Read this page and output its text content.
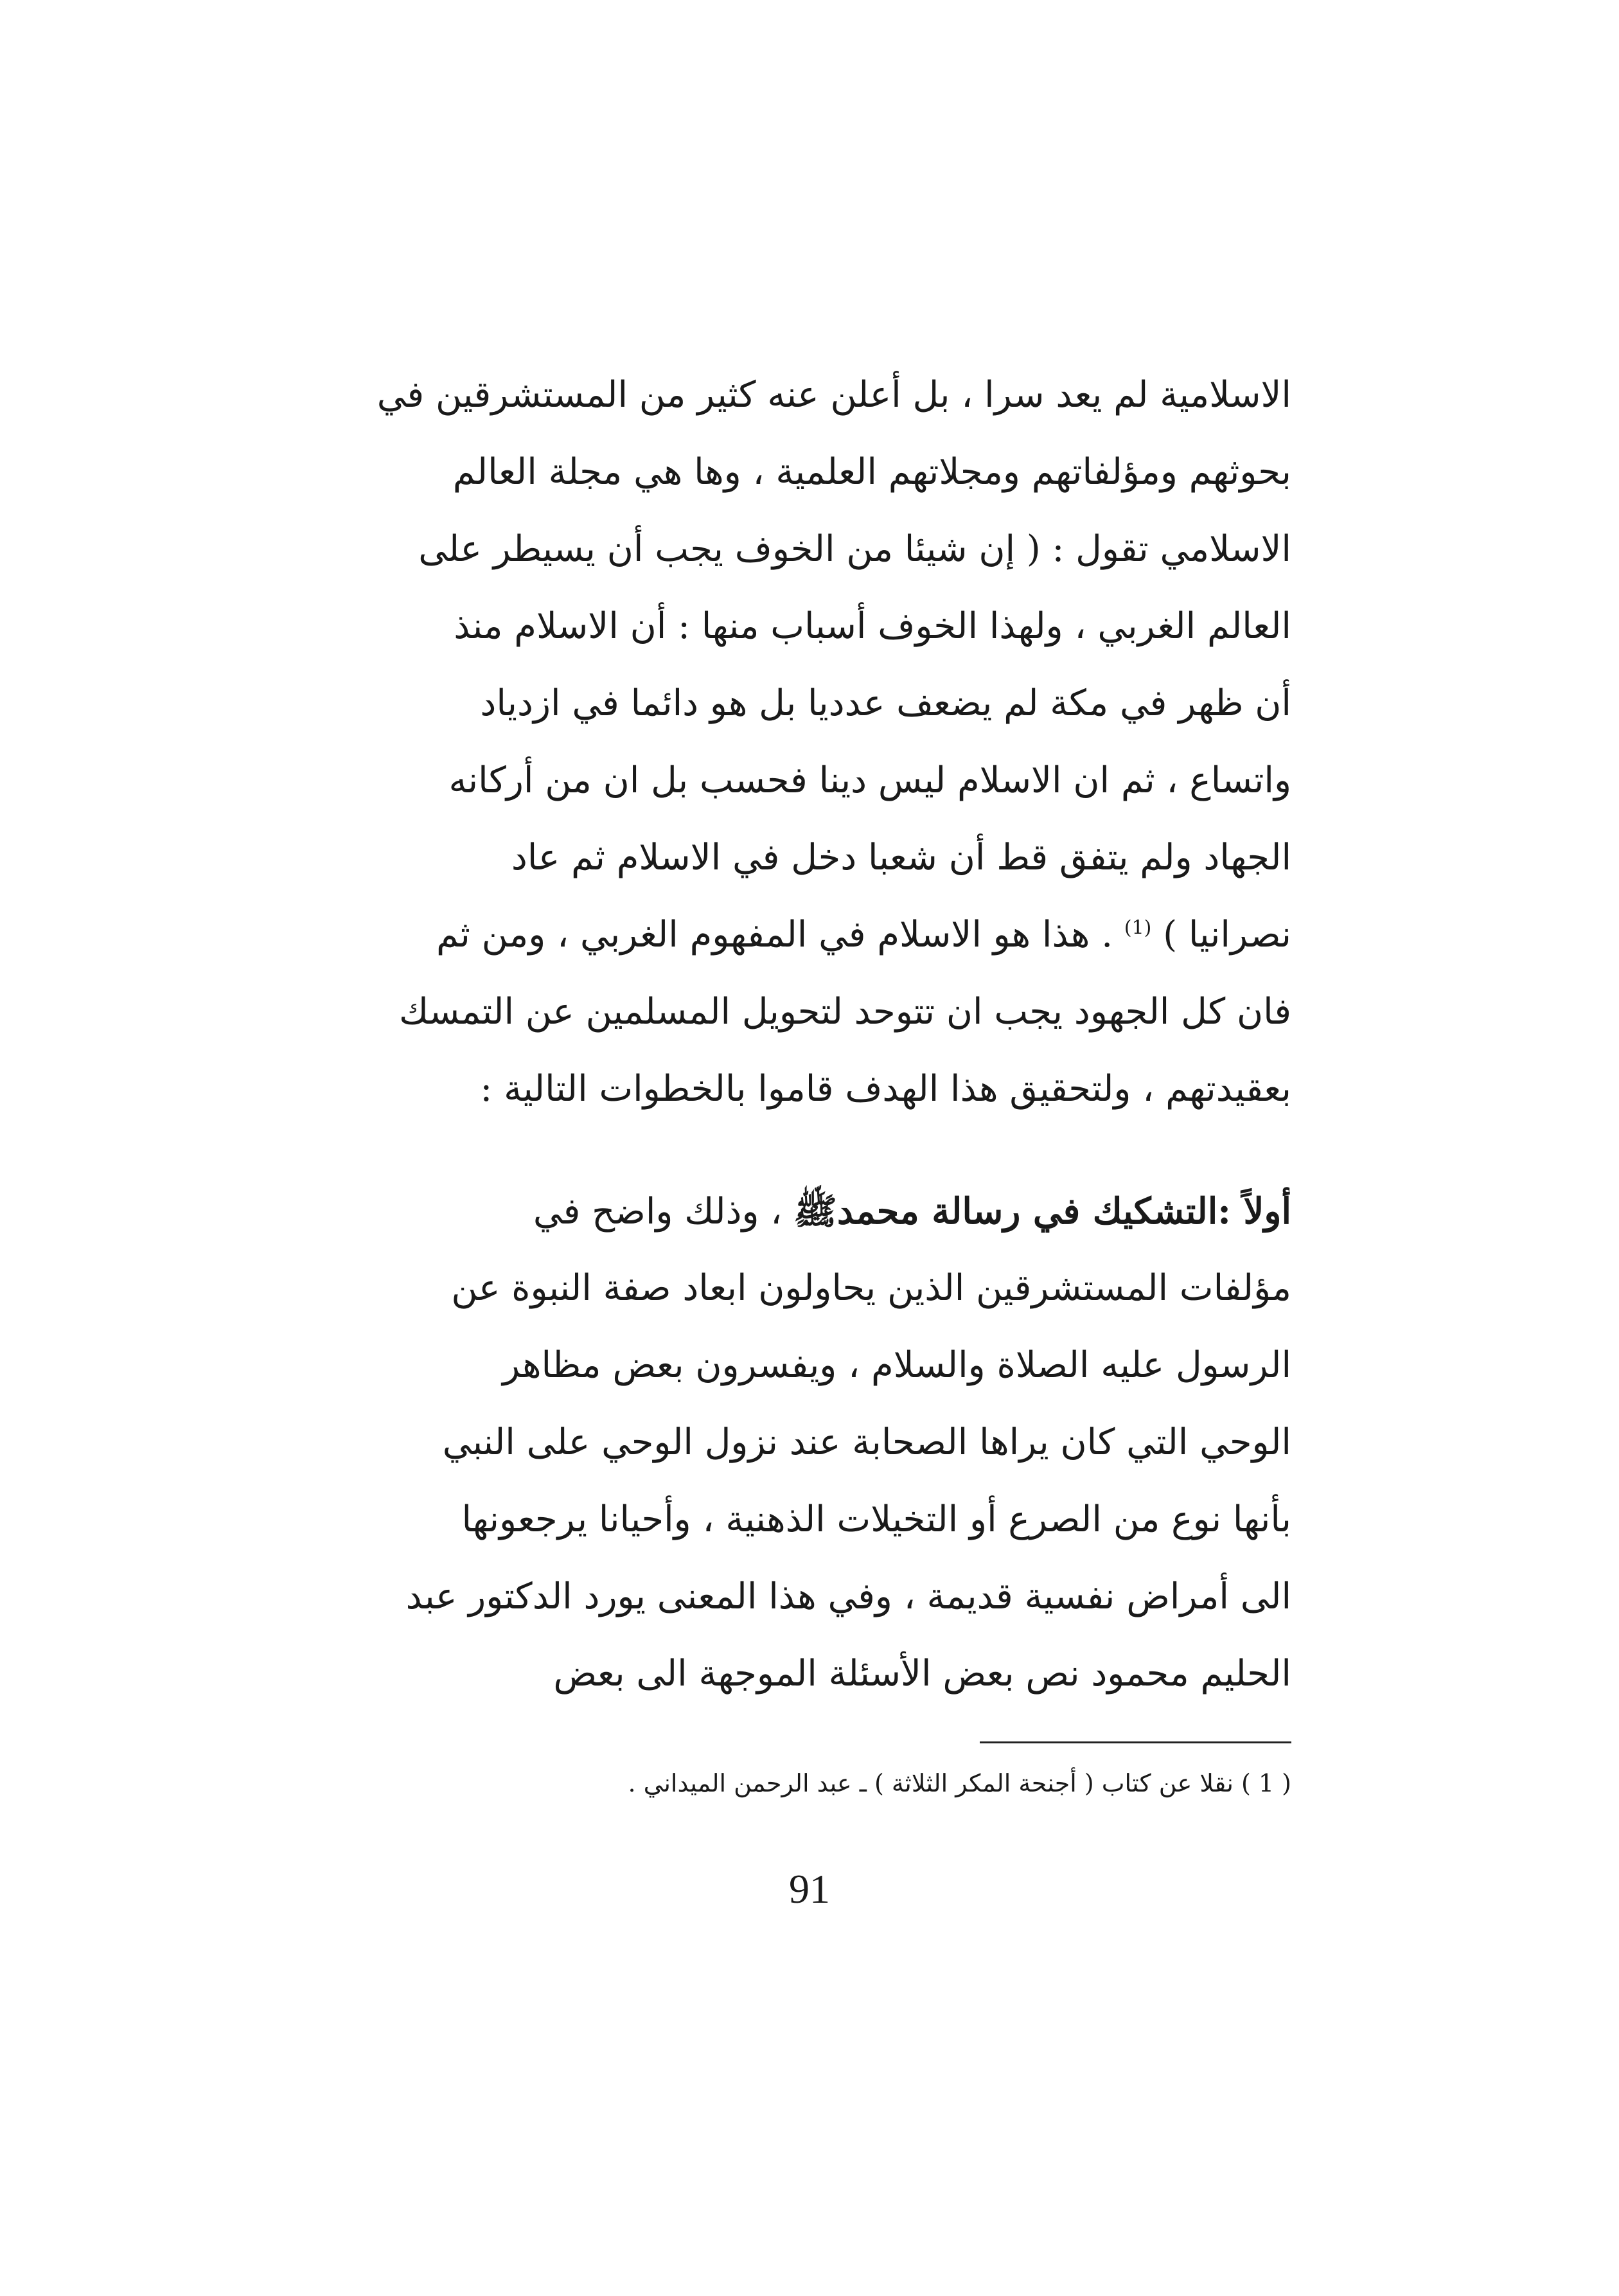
الاسلامية لم يعد سرا ، بل أعلن عنه كثير من المستشرقين في
بحوثهم ومؤلفاتهم ومجلاتهم العلمية ، وها هي مجلة العالم
الاسلامي تقول : ( إن شيئا من الخوف يجب أن يسيطر على
العالم الغربي ، ولهذا الخوف أسباب منها : أن الاسلام منذ
أن ظهر في مكة لم يضعف عدديا بل هو دائما في ازدياد
واتساع ، ثم ان الاسلام ليس دينا فحسب بل ان من أركانه
الجهاد ولم يتفق قط أن شعبا دخل في الاسلام ثم عاد
نصرانيا ) $^{(1)}$ . هذا هو الاسلام في المفهوم الغربي ، ومن ثم
فان كل الجهود يجب ان تتوحد لتحويل المسلمين عن التمسك
بعقيدتهم ، ولتحقيق هذا الهدف قاموا بالخطوات التالية :
أولاً :التشكيك في رسالة محمدﷺ ، وذلك واضح في
مؤلفات المستشرقين الذين يحاولون ابعاد صفة النبوة عن
الرسول عليه الصلاة والسلام ، ويفسرون بعض مظاهر
الوحي التي كان يراها الصحابة عند نزول الوحي على النبي
بأنها نوع من الصرع أو التخيلات الذهنية ، وأحيانا يرجعونها
الى أمراض نفسية قديمة ، وفي هذا المعنى يورد الدكتور عبد
الحليم محمود نص بعض الأسئلة الموجهة الى بعض
( 1 ) نقلا عن كتاب ( أجنحة المكر الثلاثة ) ـ عبد الرحمن الميداني .
91
